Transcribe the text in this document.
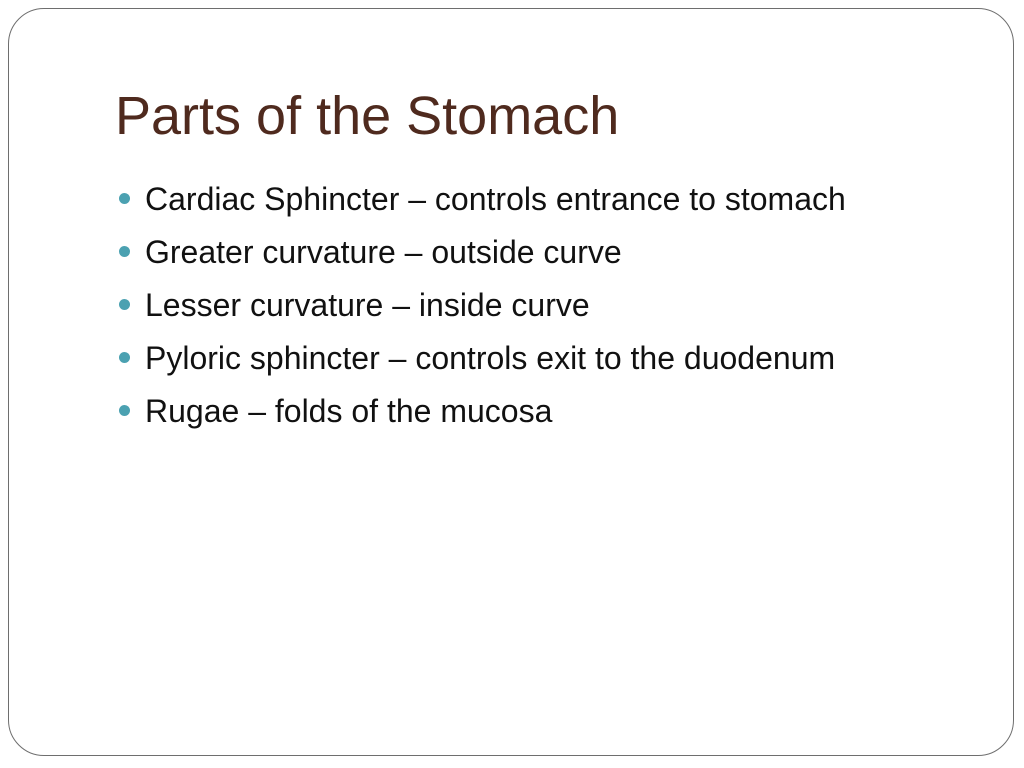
Parts of the Stomach
Cardiac Sphincter – controls entrance to stomach
Greater curvature – outside curve
Lesser curvature – inside curve
Pyloric sphincter – controls exit to the duodenum
Rugae – folds of the mucosa
